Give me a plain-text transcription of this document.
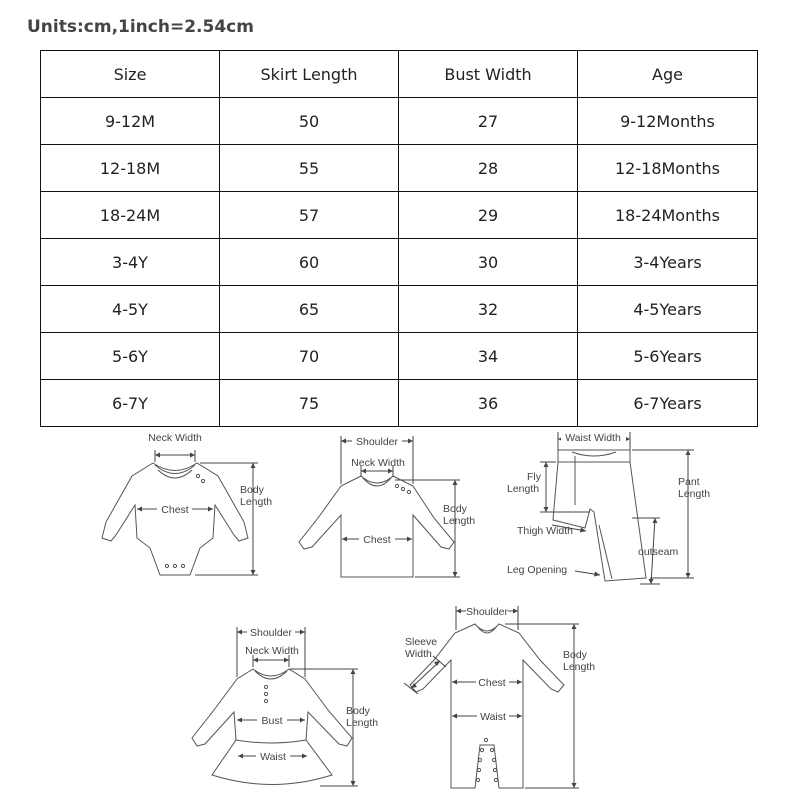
Units:cm,1inch=2.54cm
Size	Skirt Length	Bust Width	Age
9-12M	50	27	9-12Months
12-18M	55	28	12-18Months
18-24M	57	29	18-24Months
3-4Y	60	30	3-4Years
4-5Y	65	32	4-5Years
5-6Y	70	34	5-6Years
6-7Y	75	36	6-7Years
Neck Width
Chest
Body
Length
Shoulder
Neck Width
Chest
Body
Length
Waist Width
Fly
Length
Pant
Length
Thigh Width
outseam
Leg Opening
Shoulder
Neck Width
Bust
Waist
Body
Length
Shoulder
Sleeve
Width
Chest
Waist
Body
Length
